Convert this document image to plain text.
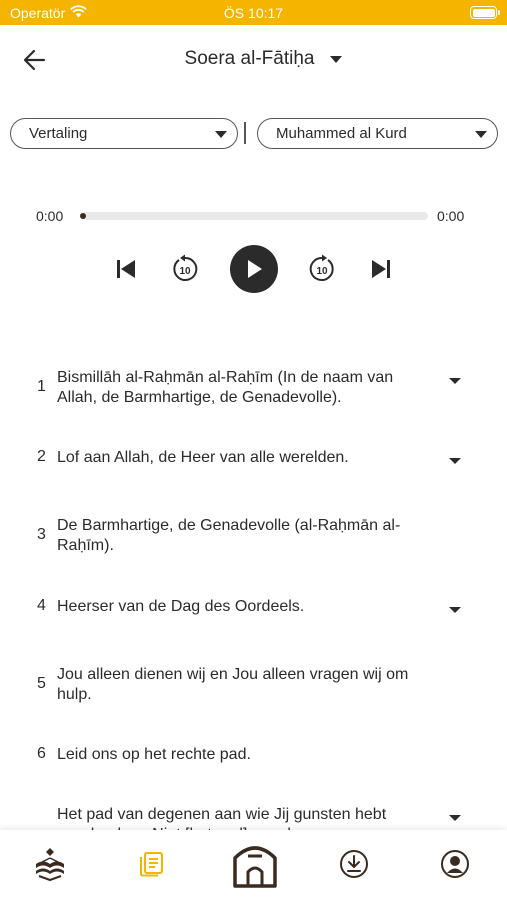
Operatör	ÖS 10:17
Soera al-Fātiḥa
Vertaling	Muhammed al Kurd
0:00	0:00
10	10
1
Bismillāh al-Raḥmān al-Raḥīm (In de naam van Allah, de Barmhartige, de Genadevolle).
2 Lof aan Allah, de Heer van alle werelden.
3
De Barmhartige, de Genadevolle (al-Raḥmān al-Raḥīm).
4 Heerser van de Dag des Oordeels.
5
Jou alleen dienen wij en Jou alleen vragen wij om hulp.
6 Leid ons op het rechte pad.
Het pad van degenen aan wie Jij gunsten hebt
